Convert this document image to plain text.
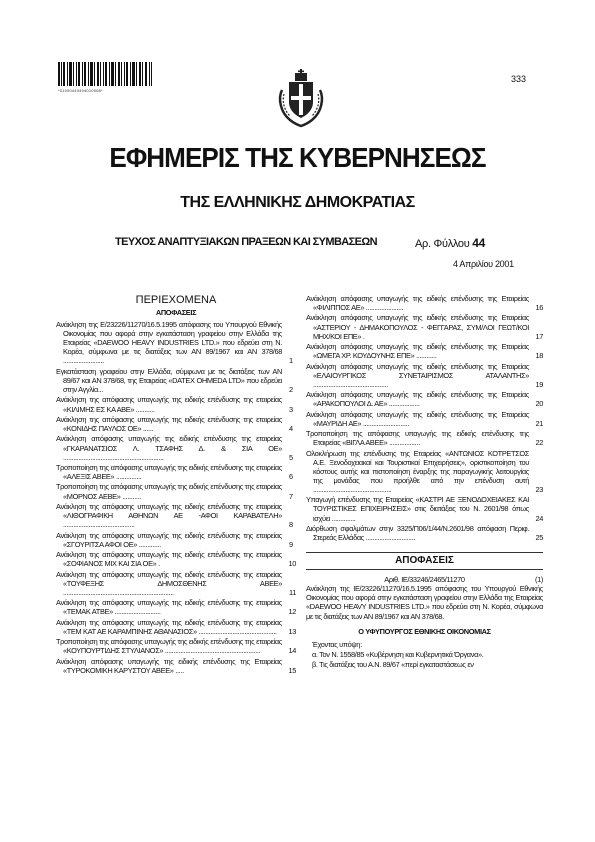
*01000440404010008*
333
ΕΦΗΜΕΡΙΣ ΤΗΣ ΚΥΒΕΡΝΗΣΕΩΣ
ΤΗΣ ΕΛΛΗΝΙΚΗΣ ΔΗΜΟΚΡΑΤΙΑΣ
ΤΕΥΧΟΣ ΑΝΑΠΤΥΞΙΑΚΩΝ ΠΡΑΞΕΩΝ ΚΑΙ ΣΥΜΒΑΣΕΩΝ	Αρ. Φύλλου 44
4 Απριλίου 2001
ΠΕΡΙΕΧΟΜΕΝΑ
ΑΠΟΦΑΣΕΙΣ
Ανάκληση της Ε/23226/11270/16.5.1995 απόφασης του Υπουργού Εθνικής Οικονομίας που αφορά στην εγκατάσταση γραφείου στην Ελλάδα της Εταιρείας «DAEWOO HEAVY INDUSTRIES LTD.» που εδρεύει στη Ν. Κορέα, σύμφωνα με τις διατάξεις των ΑΝ 89/1967 και ΑΝ 378/68 ........................	1
Εγκατάσταση γραφείου στην Ελλάδα, σύμφωνα με τις διατάξεις των ΑΝ 89/67 και ΑΝ 378/68, της Εταιρείας «DATEX OHMEDA LTD» που εδρεύει στην Αγγλία...	2
Ανάκληση της απόφασης υπαγωγής της ειδικής επένδυσης της εταιρείας «ΚΙΛΙΜΗΣ ΕΣ ΚΑ ΑΒΕ» ...........	3
Ανάκληση της απόφασης υπαγωγής της ειδικής επένδυσης της εταιρείας «ΚΟΝΙΔΗΣ ΠΑΥΛΟΣ ΟΕ» ......	4
Ανάκληση απόφασης υπαγωγής της ειδικής επένδυσης της εταιρείας «ΓΚΑΡΑΝΑΤΣΙΟΣ Λ. ΤΣΑΦΗΣ Δ. & ΣΙΑ ΟΕ» ...........................................................	5
Τροποποίηση της απόφασης υπαγωγής της ειδικής επένδυσης της εταιρείας «ΑΛΕΞΙΣ ΑΒΕΕ» ...............	6
Τροποποίηση της απόφασης υπαγωγής της ειδικής επένδυσης της εταιρείας «ΜΟΡΝΟΣ ΑΕΒΕ» ...........	7
Ανάκληση της απόφασης υπαγωγής της ειδικής επένδυσης της εταιρείας «ΛΙΘΟΓΡΑΦΙΚΗ ΑΘΗΝΩΝ ΑΕ -ΑΦΟΙ ΚΑΡΑΒΑΤΕΛΗ» ..........................................	8
Ανάκληση της απόφασης υπαγωγής της ειδικής επένδυσης της εταιρείας «ΣΓΟΥΡΙΤΣΑ ΑΦΟΙ ΟΕ» .............	9
Ανάκληση της απόφασης υπαγωγής της ειδικής επένδυσης της εταιρείας «ΣΟΦΙΑΝΟΣ ΜΙΧ ΚΑΙ ΣΙΑ ΟΕ» .	10
Ανάκληση της απόφασης υπαγωγής της ειδικής επένδυσης της εταιρείας «ΤΟΥΦΕΞΗΣ ΔΗΜΟΣΘΕΝΗΣ ΑΒΕΕ» .................................................................	11
Ανάκληση της απόφασης υπαγωγής της ειδικής επένδυσης της εταιρείας «ΤΕΜΑΚ ΑΤΒΕ» ...........................	12
Ανάκληση της απόφασης υπαγωγής της ειδικής επένδυσης της εταιρείας «ΤΕΜ ΚΑΤ ΑΕ ΚΑΡΑΜΠΙΝΗΣ ΑΘΑΝΑΣΙΟΣ» .............................................. 13
Τροποποίηση της απόφασης υπαγωγής της ειδικής επένδυσης της εταιρείας «ΚΟΥΠΟΥΡΤΙΔΗΣ ΣΤΥΛΙΑΝΟΣ» ........................................................	14
Ανάκληση απόφασης υπαγωγής της ειδικής επένδυσης της Εταιρείας «ΤΥΡΟΚΟΜΙΚΗ ΚΑΡΥΣΤΟΥ ΑΒΕΕ» .....	15
Ανάκληση απόφασης υπαγωγής της ειδικής επένδυσης της Εταιρείας «ΦΙΛΙΠΠΟΣ ΑΕ» ......................	16
Ανάκληση απόφασης υπαγωγής της ειδικής επένδυσης της Εταιρείας «ΑΣΤΕΡΙΟΥ - ΔΗΜΑΚΟΠΟΥΛΟΣ - ΦΕΓΓΑΡΑΣ, ΣΥΜ/ΛΟΙ ΓΕΩΤ/ΚΟΙ ΜΗΧ/ΚΟΙ ΕΠΕ» .	17
Ανάκληση απόφασης υπαγωγής της ειδικής επένδυσης της Εταιρείας «ΩΜΕΓΑ ΧΡ. ΚΟΥΔΟΥΝΗΣ ΕΠΕ» ............	18
Ανάκληση απόφασης υπαγωγής της ειδικής επένδυσης της Εταιρείας «ΕΛΑΙΟΥΡΓΙΚΟΣ ΣΥΝΕΤΑΙΡΙΣΜΟΣ ΑΤΑΛΑΝΤΗΣ» ............................................	19
Ανάκληση απόφασης υπαγωγής της ειδικής επένδυσης της Εταιρείας «ΑΡΑΚΟΠΟΥΛΟΙ Δ. ΑΕ» ..................	20
Ανάκληση απόφασης υπαγωγής της ειδικής επένδυσης της Εταιρείας «ΜΑΥΡΙΔΗ ΑΕ» ...........................	21
Τροποποίηση της απόφασης υπαγωγής της ειδικής επένδυσης της Εταιρείας «ΒΙΓΛΑ ΑΒΕΕ» ..................	22
Ολοκλήρωση της επένδυσης της Εταιρείας «ΑΝΤΩΝΙΟΣ ΚΟΤΡΕΤΣΟΣ Α.Ε. Ξενοδοχειακαί και Τουριστικαί Επιχειρήσεις», οριστικοποίηση του κόστους αυτής και πιστοποίηση έναρξης της παραγωγικής λειτουργίας της μονάδας που προήλθε από την επένδυση αυτή ..............................................	23
Υπαγωγή επένδυσης της Εταιρείας «ΚΑΣΤΡΙ ΑΕ ΞΕΝΟΔΟΧΕΙΑΚΕΣ ΚΑΙ ΤΟΥΡΙΣΤΙΚΕΣ ΕΠΙΧΕΙΡΗΣΕΙΣ» στις διατάξεις του Ν. 2601/98 όπως ισχύει ..............	24
Διόρθωση σφαλμάτων στην 3325/Π06/1/44/Ν.2601/98 απόφαση Περιφ. Στερεάς Ελλάδας .............................	25
ΑΠΟΦΑΣΕΙΣ
Αριθ. ΙΕ/33246/2465/11270	(1)
Ανάκληση της ΙΕ/23226/11270/16.5.1995 απόφασης του Υπουργού Εθνικής Οικονομίας που αφορά στην εγκατάσταση γραφείου στην Ελλάδα της Εταιρείας «DAEWOO HEAVY INDUSTRIES LTD.» που εδρεύει στη Ν. Κορέα, σύμφωνα με τις διατάξεις των ΑΝ 89/1967 και ΑΝ 378/68.
Ο ΥΦΥΠΟΥΡΓΟΣ ΕΘΝΙΚΗΣ ΟΙΚΟΝΟΜΙΑΣ
Έχοντας υπόψη:
α. Τον Ν. 1558/85 «Κυβέρνηση και Κυβερνητικά Όργανα».
β. Τις διατάξεις του Α.Ν. 89/67 «περί εγκαταστάσεως εν
